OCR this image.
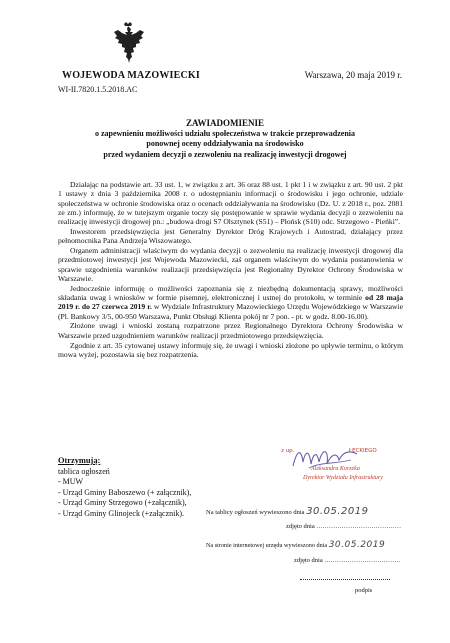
WOJEWODA MAZOWIECKI	Warszawa, 20 maja 2019 r.
WI-II.7820.1.5.2018.AC
ZAWIADOMIENIE
o zapewnieniu możliwości udziału społeczeństwa w trakcie przeprowadzenia
ponownej oceny oddziaływania na środowisko
przed wydaniem decyzji o zezwoleniu na realizację inwestycji drogowej

Działając na podstawie art. 33 ust. 1, w związku z art. 36 oraz 88 ust. 1 pkt 1 i w związku z art. 90 ust. 2 pkt 1 ustawy z dnia 3 października 2008 r. o udostępnianiu informacji o środowisku i jego ochronie, udziale społeczeństwa w ochronie środowiska oraz o ocenach oddziaływania na środowisko (Dz. U. z 2018 r., poz. 2081 ze zm.) informuję, że w tutejszym organie toczy się postępowanie w sprawie wydania decyzji o zezwoleniu na realizację inwestycji drogowej pn.: „budowa drogi S7 Olsztynek (S51) – Płońsk (S10) odc. Strzegowo - Pieńki”.

Inwestorem przedsięwzięcia jest Generalny Dyrektor Dróg Krajowych i Autostrad, działający przez pełnomocnika Pana Andrzeja Wiszowatego.

Organem administracji właściwym do wydania decyzji o zezwoleniu na realizację inwestycji drogowej dla przedmiotowej inwestycji jest Wojewoda Mazowiecki, zaś organem właściwym do wydania postanowienia w sprawie uzgodnienia warunków realizacji przedsięwzięcia jest Regionalny Dyrektor Ochrony Środowiska w Warszawie.

Jednocześnie informuję o możliwości zapoznania się z niezbędną dokumentacją sprawy, możliwości składania uwag i wniosków w formie pisemnej, elektronicznej i ustnej do protokołu, w terminie od 28 maja 2019 r. do 27 czerwca 2019 r. w Wydziale Infrastruktury Mazowieckiego Urzędu Wojewódzkiego w Warszawie (Pl. Bankowy 3/5, 00-950 Warszawa, Punkt Obsługi Klienta pokój nr 7 pon. - pt. w godz. 8.00-16.00).

Złożone uwagi i wnioski zostaną rozpatrzone przez Regionalnego Dyrektora Ochrony Środowiska w Warszawie przed uzgodnieniem warunków realizacji przedmiotowego przedsięwzięcia.

Zgodnie z art. 35 cytowanej ustawy informuję się, że uwagi i wnioski złożone po upływie terminu, o którym mowa wyżej, pozostawia się bez rozpatrzenia.

Otrzymują:
tablica ogłoszeń
- MUW
- Urząd Gminy Baboszewo (+ załącznik),
- Urząd Gminy Strzegowo (+załącznik),
- Urząd Gminy Glinojeck (+załącznik).
z up.	ŁECKIEGO
Aleksandra Korzeka
Dyrektor Wydziału Infrastruktury
Na tablicy ogłoszeń wywieszono dnia 30.05.2019
zdjęto dnia ........................................
Na stronie internetowej urzędu wywieszono dnia 30.05.2019
zdjęto dnia ....................................
podpis
